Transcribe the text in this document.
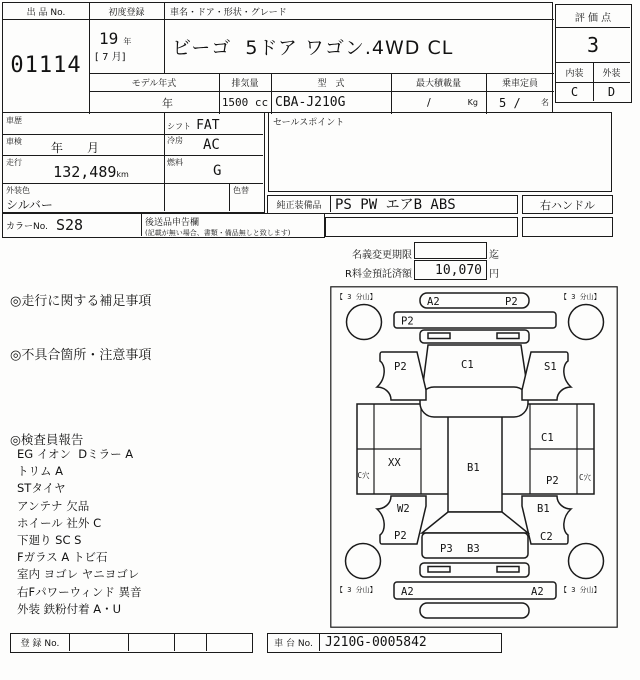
出 品 No.
01114
初度登録
19 年
[ 7 月]
車名・ドア・形状・グレード
ビーゴ  5ドア ワゴン.4WD CL
モデル年式
年
排気量
1500 cc
型　式
CBA-J210G
最大積載量
/	Kg
乗車定員
5 /	名
評 価 点
3
内装	外装
C	D
車歴
シフト FAT
車検 年　　月
冷房 AC
走行
132,489km
燃料
G
外装色
シルバー
色替
カラーNo. S28	後送品申告欄
(記載が無い場合、書類・備品無しと致します)
セールスポイント
純正装備品 PS PW エアB ABS	右ハンドル
名義変更期限	迄
R料金預託済額	10,070 円
◎走行に関する補足事項
◎不具合箇所・注意事項
◎検査員報告
EG イオン  Dミラー A
トリム A
STタイヤ
アンテナ 欠品
ホイール 社外 C
下廻り SC S
Fガラス A トビ石
室内 ヨゴレ ヤニヨゴレ
右Fパワーウィンド 異音
外装 鉄粉付着 A・U
【 3 分山】	【 3 分山】
【 3 分山】	【 3 分山】
A2	P2
P2
C1
XX	B1
C1
P2
C穴	C穴
P2	S1
W2
P2
B1
C2
P3 B3
A2	A2
登 録 No.	車 台 No. J210G-0005842
